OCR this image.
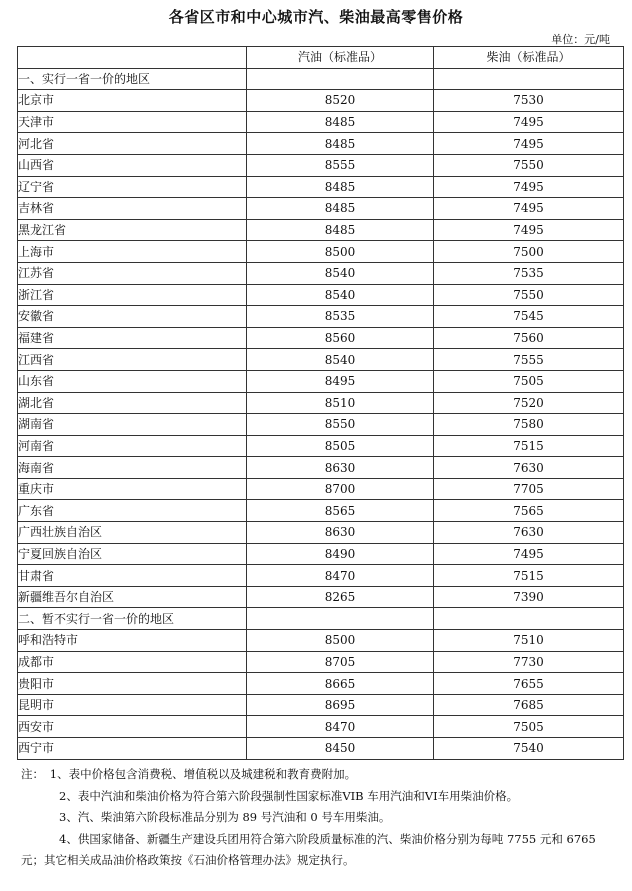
各省区市和中心城市汽、柴油最高零售价格
单位：元/吨
	汽油（标准品）	柴油（标准品）
一、实行一省一价的地区		
北京市	8520	7530
天津市	8485	7495
河北省	8485	7495
山西省	8555	7550
辽宁省	8485	7495
吉林省	8485	7495
黑龙江省	8485	7495
上海市	8500	7500
江苏省	8540	7535
浙江省	8540	7550
安徽省	8535	7545
福建省	8560	7560
江西省	8540	7555
山东省	8495	7505
湖北省	8510	7520
湖南省	8550	7580
河南省	8505	7515
海南省	8630	7630
重庆市	8700	7705
广东省	8565	7565
广西壮族自治区	8630	7630
宁夏回族自治区	8490	7495
甘肃省	8470	7515
新疆维吾尔自治区	8265	7390
二、暂不实行一省一价的地区		
呼和浩特市	8500	7510
成都市	8705	7730
贵阳市	8665	7655
昆明市	8695	7685
西安市	8470	7505
西宁市	8450	7540

注：　1、表中价格包含消费税、增值税以及城建税和教育费附加。

2、表中汽油和柴油价格为符合第六阶段强制性国家标准VIB 车用汽油和VI车用柴油价格。

3、汽、柴油第六阶段标准品分别为 89 号汽油和 0 号车用柴油。

4、供国家储备、新疆生产建设兵团用符合第六阶段质量标准的汽、柴油价格分别为每吨 7755 元和 6765 元；其它相关成品油价格政策按《石油价格管理办法》规定执行。
